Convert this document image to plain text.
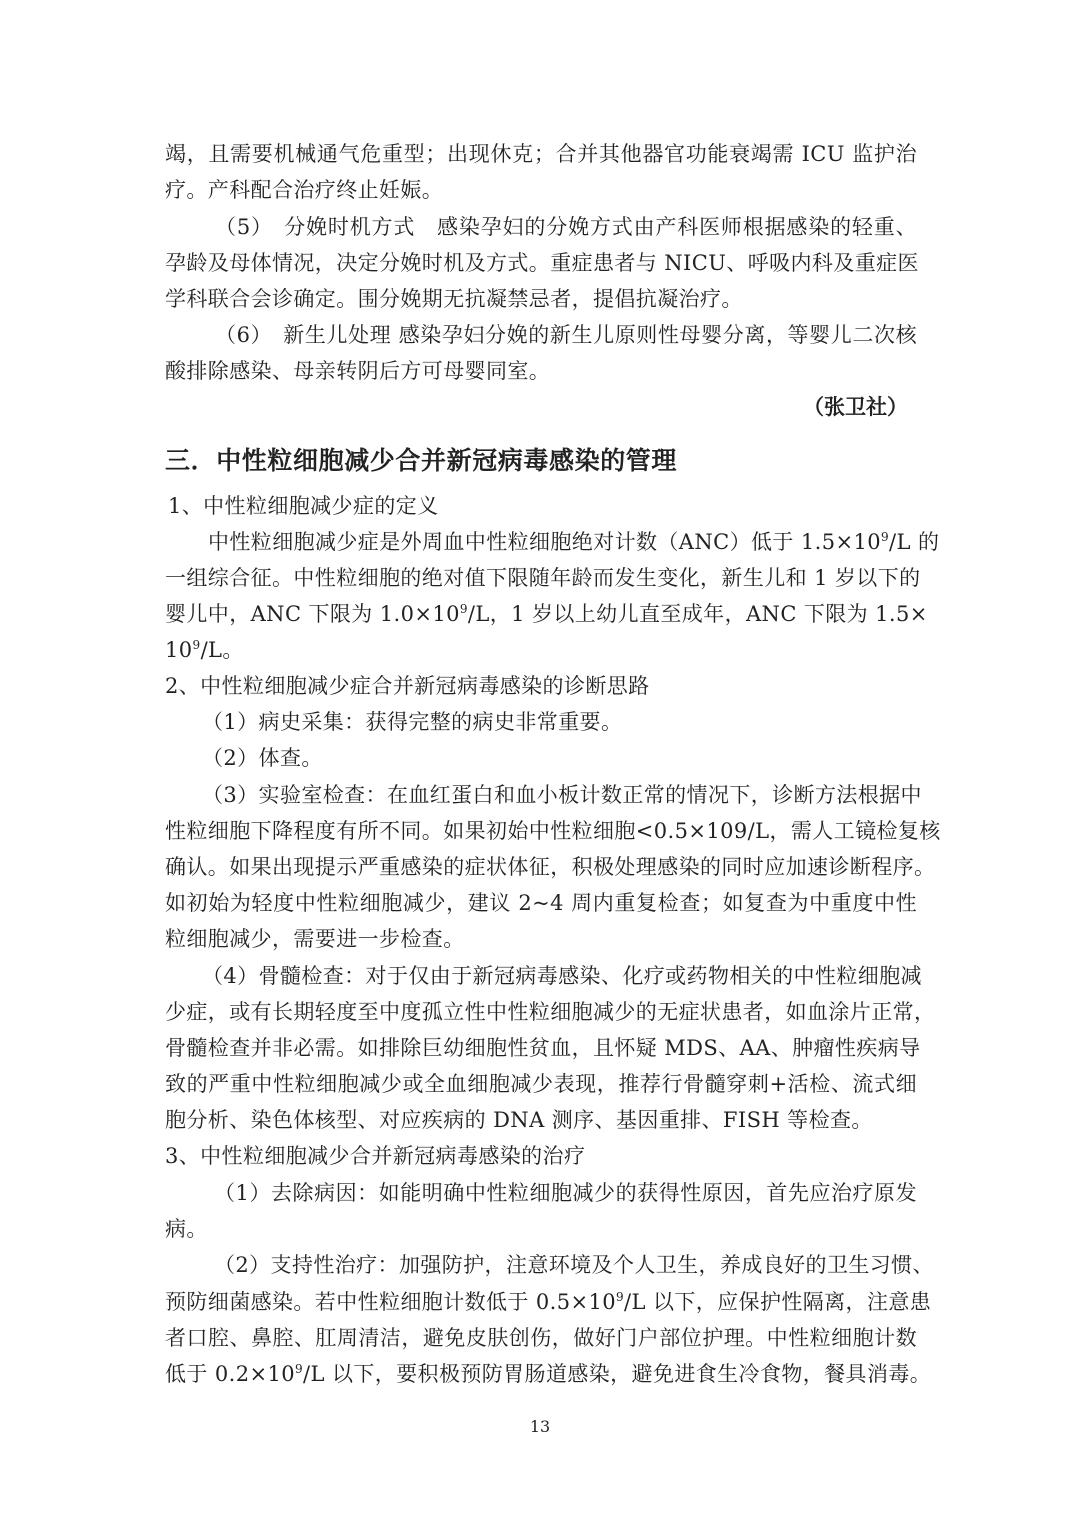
竭，且需要机械通气危重型；出现休克；合并其他器官功能衰竭需 ICU 监护治
疗。产科配合治疗终止妊娠。
（5）　分娩时机方式　感染孕妇的分娩方式由产科医师根据感染的轻重、
孕龄及母体情况，决定分娩时机及方式。重症患者与 NICU、呼吸内科及重症医
学科联合会诊确定。围分娩期无抗凝禁忌者，提倡抗凝治疗。
（6）　新生儿处理 感染孕妇分娩的新生儿原则性母婴分离，等婴儿二次核
酸排除感染、母亲转阴后方可母婴同室。
（张卫社）
三．中性粒细胞减少合并新冠病毒感染的管理
1、中性粒细胞减少症的定义
中性粒细胞减少症是外周血中性粒细胞绝对计数（ANC）低于 $1.5\times 10^9/L$ 的
一组综合征。中性粒细胞的绝对值下限随年龄而发生变化，新生儿和 1 岁以下的
婴儿中，ANC 下限为 $1.0\times 10^9/L$，1 岁以上幼儿直至成年，ANC 下限为 1.5×
$10^9/L$。
2、中性粒细胞减少症合并新冠病毒感染的诊断思路
（1）病史采集：获得完整的病史非常重要。
（2）体查。
（3）实验室检查：在血红蛋白和血小板计数正常的情况下，诊断方法根据中
性粒细胞下降程度有所不同。如果初始中性粒细胞<0.5×109/L，需人工镜检复核
确认。如果出现提示严重感染的症状体征，积极处理感染的同时应加速诊断程序。
如初始为轻度中性粒细胞减少，建议 2~4 周内重复检查；如复查为中重度中性
粒细胞减少，需要进一步检查。
（4）骨髓检查：对于仅由于新冠病毒感染、化疗或药物相关的中性粒细胞减
少症，或有长期轻度至中度孤立性中性粒细胞减少的无症状患者，如血涂片正常，
骨髓检查并非必需。如排除巨幼细胞性贫血，且怀疑 MDS、AA、肿瘤性疾病导
致的严重中性粒细胞减少或全血细胞减少表现，推荐行骨髓穿刺+活检、流式细
胞分析、染色体核型、对应疾病的 DNA 测序、基因重排、FISH 等检查。
3、中性粒细胞减少合并新冠病毒感染的治疗
（1）去除病因：如能明确中性粒细胞减少的获得性原因，首先应治疗原发
病。
（2）支持性治疗：加强防护，注意环境及个人卫生，养成良好的卫生习惯、
预防细菌感染。若中性粒细胞计数低于 $0.5\times 10^9/L$ 以下，应保护性隔离，注意患
者口腔、鼻腔、肛周清洁，避免皮肤创伤，做好门户部位护理。中性粒细胞计数
低于 $0.2\times 10^9/L$ 以下，要积极预防胃肠道感染，避免进食生冷食物，餐具消毒。
13
